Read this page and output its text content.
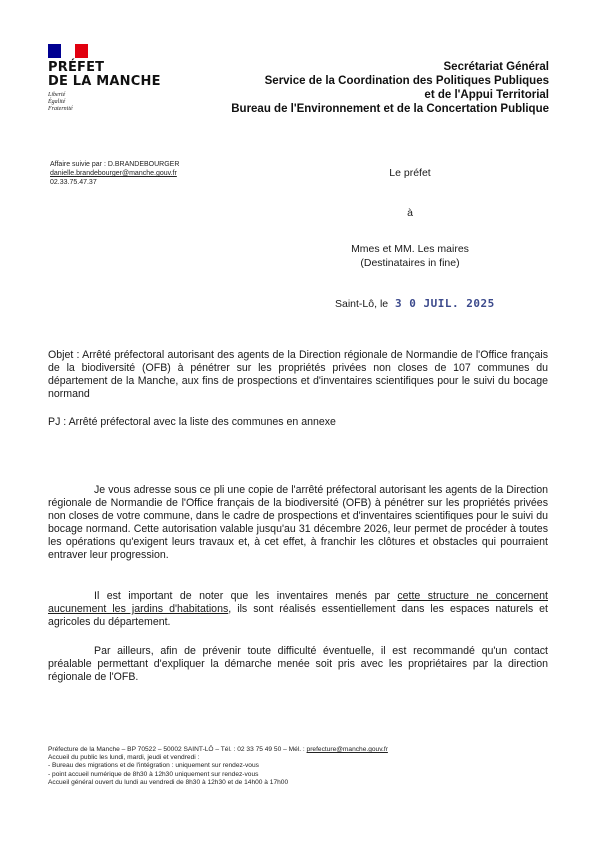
PRÉFET
DE LA MANCHE
Liberté
Égalité
Fraternité
Secrétariat Général
Service de la Coordination des Politiques Publiques
et de l'Appui Territorial
Bureau de l'Environnement et de la Concertation Publique
Affaire suivie par : D.BRANDEBOURGER
danielle.brandebourger@manche.gouv.fr
02.33.75.47.37
Le préfet
à
Mmes et MM. Les maires
(Destinataires in fine)
Saint-Lô, le 3 0 JUIL. 2025
Objet : Arrêté préfectoral autorisant des agents de la Direction régionale de Normandie de l'Office français de la biodiversité (OFB) à pénétrer sur les propriétés privées non closes de 107 communes du département de la Manche, aux fins de prospections et d'inventaires scientifiques pour le suivi du bocage normand
PJ : Arrêté préfectoral avec la liste des communes en annexe
Je vous adresse sous ce pli une copie de l'arrêté préfectoral autorisant les agents de la Direction régionale de Normandie de l'Office français de la biodiversité (OFB) à pénétrer sur les propriétés privées non closes de votre commune, dans le cadre de prospections et d'inventaires scientifiques pour le suivi du bocage normand. Cette autorisation valable jusqu'au 31 décembre 2026, leur permet de procéder à toutes les opérations qu'exigent leurs travaux et, à cet effet, à franchir les clôtures et obstacles qui pourraient entraver leur progression.
Il est important de noter que les inventaires menés par cette structure ne concernent aucunement les jardins d'habitations, ils sont réalisés essentiellement dans les espaces naturels et agricoles du département.
Par ailleurs, afin de prévenir toute difficulté éventuelle, il est recommandé qu'un contact préalable permettant d'expliquer la démarche menée soit pris avec les propriétaires par la direction régionale de l'OFB.
Préfecture de la Manche – BP 70522 – 50002 SAINT-LÔ – Tél. : 02 33 75 49 50 – Mél. : prefecture@manche.gouv.fr
Accueil du public les lundi, mardi, jeudi et vendredi :
- Bureau des migrations et de l'intégration : uniquement sur rendez-vous
- point accueil numérique de 8h30 à 12h30 uniquement sur rendez-vous
Accueil général ouvert du lundi au vendredi de 8h30 à 12h30 et de 14h00 à 17h00
